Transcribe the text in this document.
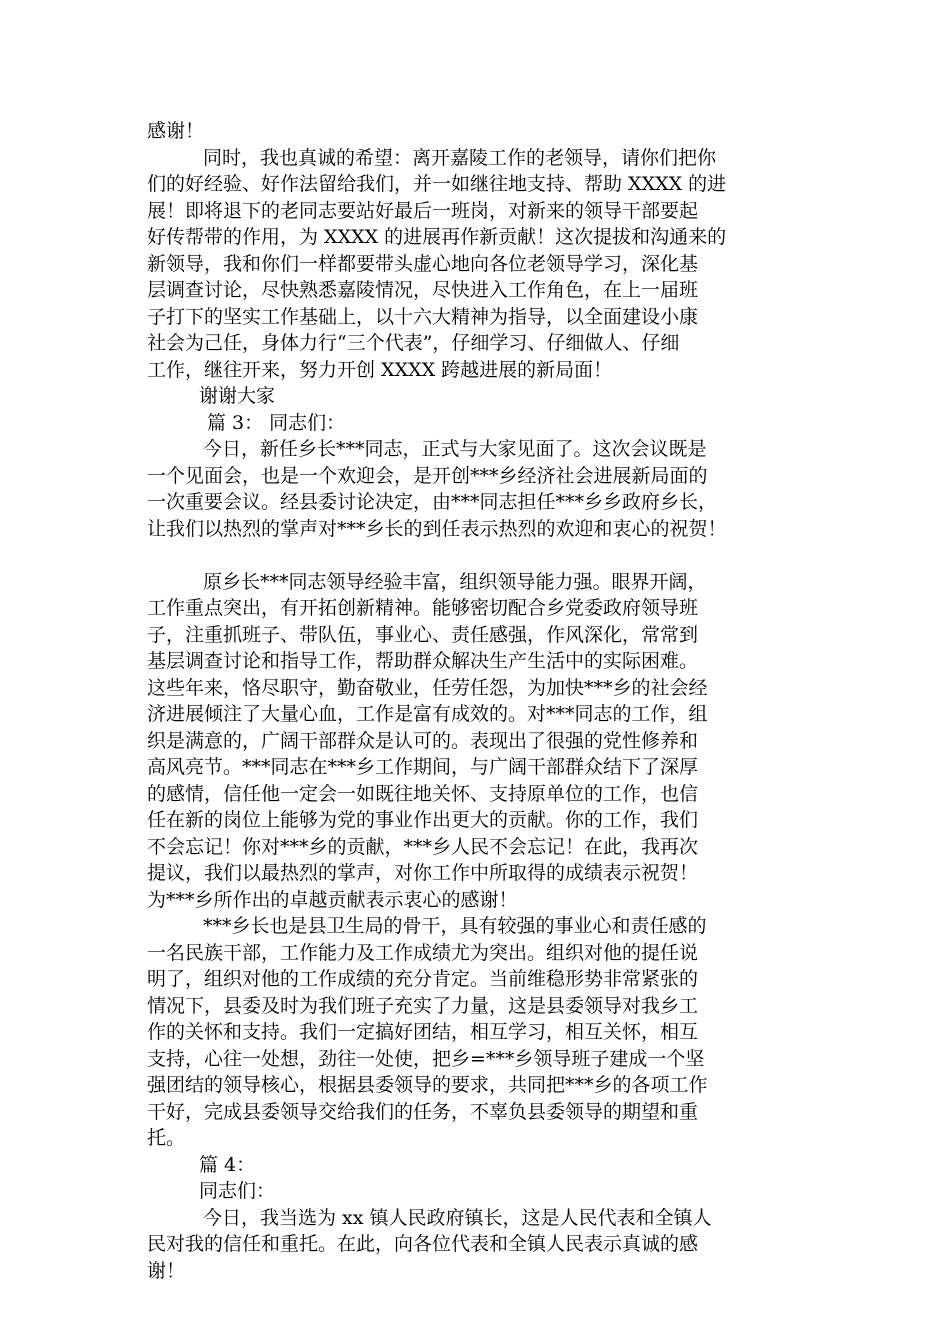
感谢！
同时，我也真诚的希望：离开嘉陵工作的老领导，请你们把你
们的好经验、好作法留给我们，并一如继往地支持、帮助 XXXX 的进
展！即将退下的老同志要站好最后一班岗，对新来的领导干部要起
好传帮带的作用，为 XXXX 的进展再作新贡献！这次提拔和沟通来的
新领导，我和你们一样都要带头虚心地向各位老领导学习，深化基
层调查讨论，尽快熟悉嘉陵情况，尽快进入工作角色，在上一届班
子打下的坚实工作基础上，以十六大精神为指导，以全面建设小康
社会为己任，身体力行“三个代表”，仔细学习、仔细做人、仔细
工作，继往开来，努力开创 XXXX 跨越进展的新局面！
谢谢大家
篇 3： 同志们：
今日，新任乡长***同志，正式与大家见面了。这次会议既是
一个见面会，也是一个欢迎会，是开创***乡经济社会进展新局面的
一次重要会议。经县委讨论决定，由***同志担任***乡乡政府乡长，
让我们以热烈的掌声对***乡长的到任表示热烈的欢迎和衷心的祝贺！
原乡长***同志领导经验丰富，组织领导能力强。眼界开阔，
工作重点突出，有开拓创新精神。能够密切配合乡党委政府领导班
子，注重抓班子、带队伍，事业心、责任感强，作风深化，常常到
基层调查讨论和指导工作，帮助群众解决生产生活中的实际困难。
这些年来，恪尽职守，勤奋敬业，任劳任怨，为加快***乡的社会经
济进展倾注了大量心血，工作是富有成效的。对***同志的工作，组
织是满意的，广阔干部群众是认可的。表现出了很强的党性修养和
高风亮节。***同志在***乡工作期间，与广阔干部群众结下了深厚
的感情，信任他一定会一如既往地关怀、支持原单位的工作，也信
任在新的岗位上能够为党的事业作出更大的贡献。你的工作，我们
不会忘记！你对***乡的贡献，***乡人民不会忘记！在此，我再次
提议，我们以最热烈的掌声，对你工作中所取得的成绩表示祝贺！
为***乡所作出的卓越贡献表示衷心的感谢！
***乡长也是县卫生局的骨干，具有较强的事业心和责任感的
一名民族干部，工作能力及工作成绩尤为突出。组织对他的提任说
明了，组织对他的工作成绩的充分肯定。当前维稳形势非常紧张的
情况下，县委及时为我们班子充实了力量，这是县委领导对我乡工
作的关怀和支持。我们一定搞好团结，相互学习，相互关怀，相互
支持，心往一处想，劲往一处使，把乡=***乡领导班子建成一个坚
强团结的领导核心，根据县委领导的要求，共同把***乡的各项工作
干好，完成县委领导交给我们的任务，不辜负县委领导的期望和重
托。
篇 4：
同志们：
今日，我当选为 xx 镇人民政府镇长，这是人民代表和全镇人
民对我的信任和重托。在此，向各位代表和全镇人民表示真诚的感
谢！
